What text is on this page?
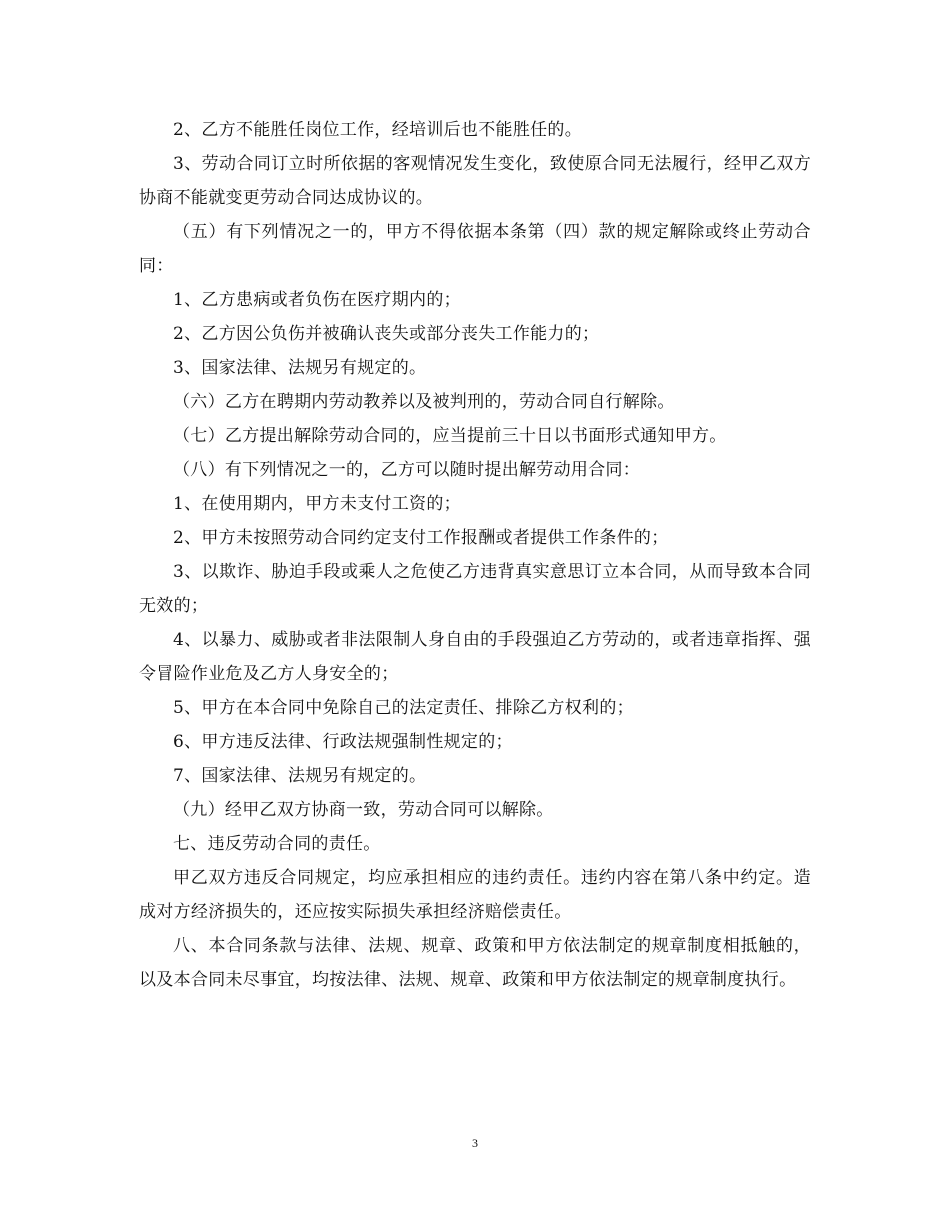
2、乙方不能胜任岗位工作，经培训后也不能胜任的。

3、劳动合同订立时所依据的客观情况发生变化，致使原合同无法履行，经甲乙双方协商不能就变更劳动合同达成协议的。

（五）有下列情况之一的，甲方不得依据本条第（四）款的规定解除或终止劳动合同：

1、乙方患病或者负伤在医疗期内的；

2、乙方因公负伤并被确认丧失或部分丧失工作能力的；

3、国家法律、法规另有规定的。

（六）乙方在聘期内劳动教养以及被判刑的，劳动合同自行解除。

（七）乙方提出解除劳动合同的，应当提前三十日以书面形式通知甲方。

（八）有下列情况之一的，乙方可以随时提出解劳动用合同：

1、在使用期内，甲方未支付工资的；

2、甲方未按照劳动合同约定支付工作报酬或者提供工作条件的；

3、以欺诈、胁迫手段或乘人之危使乙方违背真实意思订立本合同，从而导致本合同无效的；

4、以暴力、威胁或者非法限制人身自由的手段强迫乙方劳动的，或者违章指挥、强令冒险作业危及乙方人身安全的；

5、甲方在本合同中免除自己的法定责任、排除乙方权利的；

6、甲方违反法律、行政法规强制性规定的；

7、国家法律、法规另有规定的。

（九）经甲乙双方协商一致，劳动合同可以解除。

七、违反劳动合同的责任。

甲乙双方违反合同规定，均应承担相应的违约责任。违约内容在第八条中约定。造成对方经济损失的，还应按实际损失承担经济赔偿责任。

八、本合同条款与法律、法规、规章、政策和甲方依法制定的规章制度相抵触的，以及本合同未尽事宜，均按法律、法规、规章、政策和甲方依法制定的规章制度执行。

3
